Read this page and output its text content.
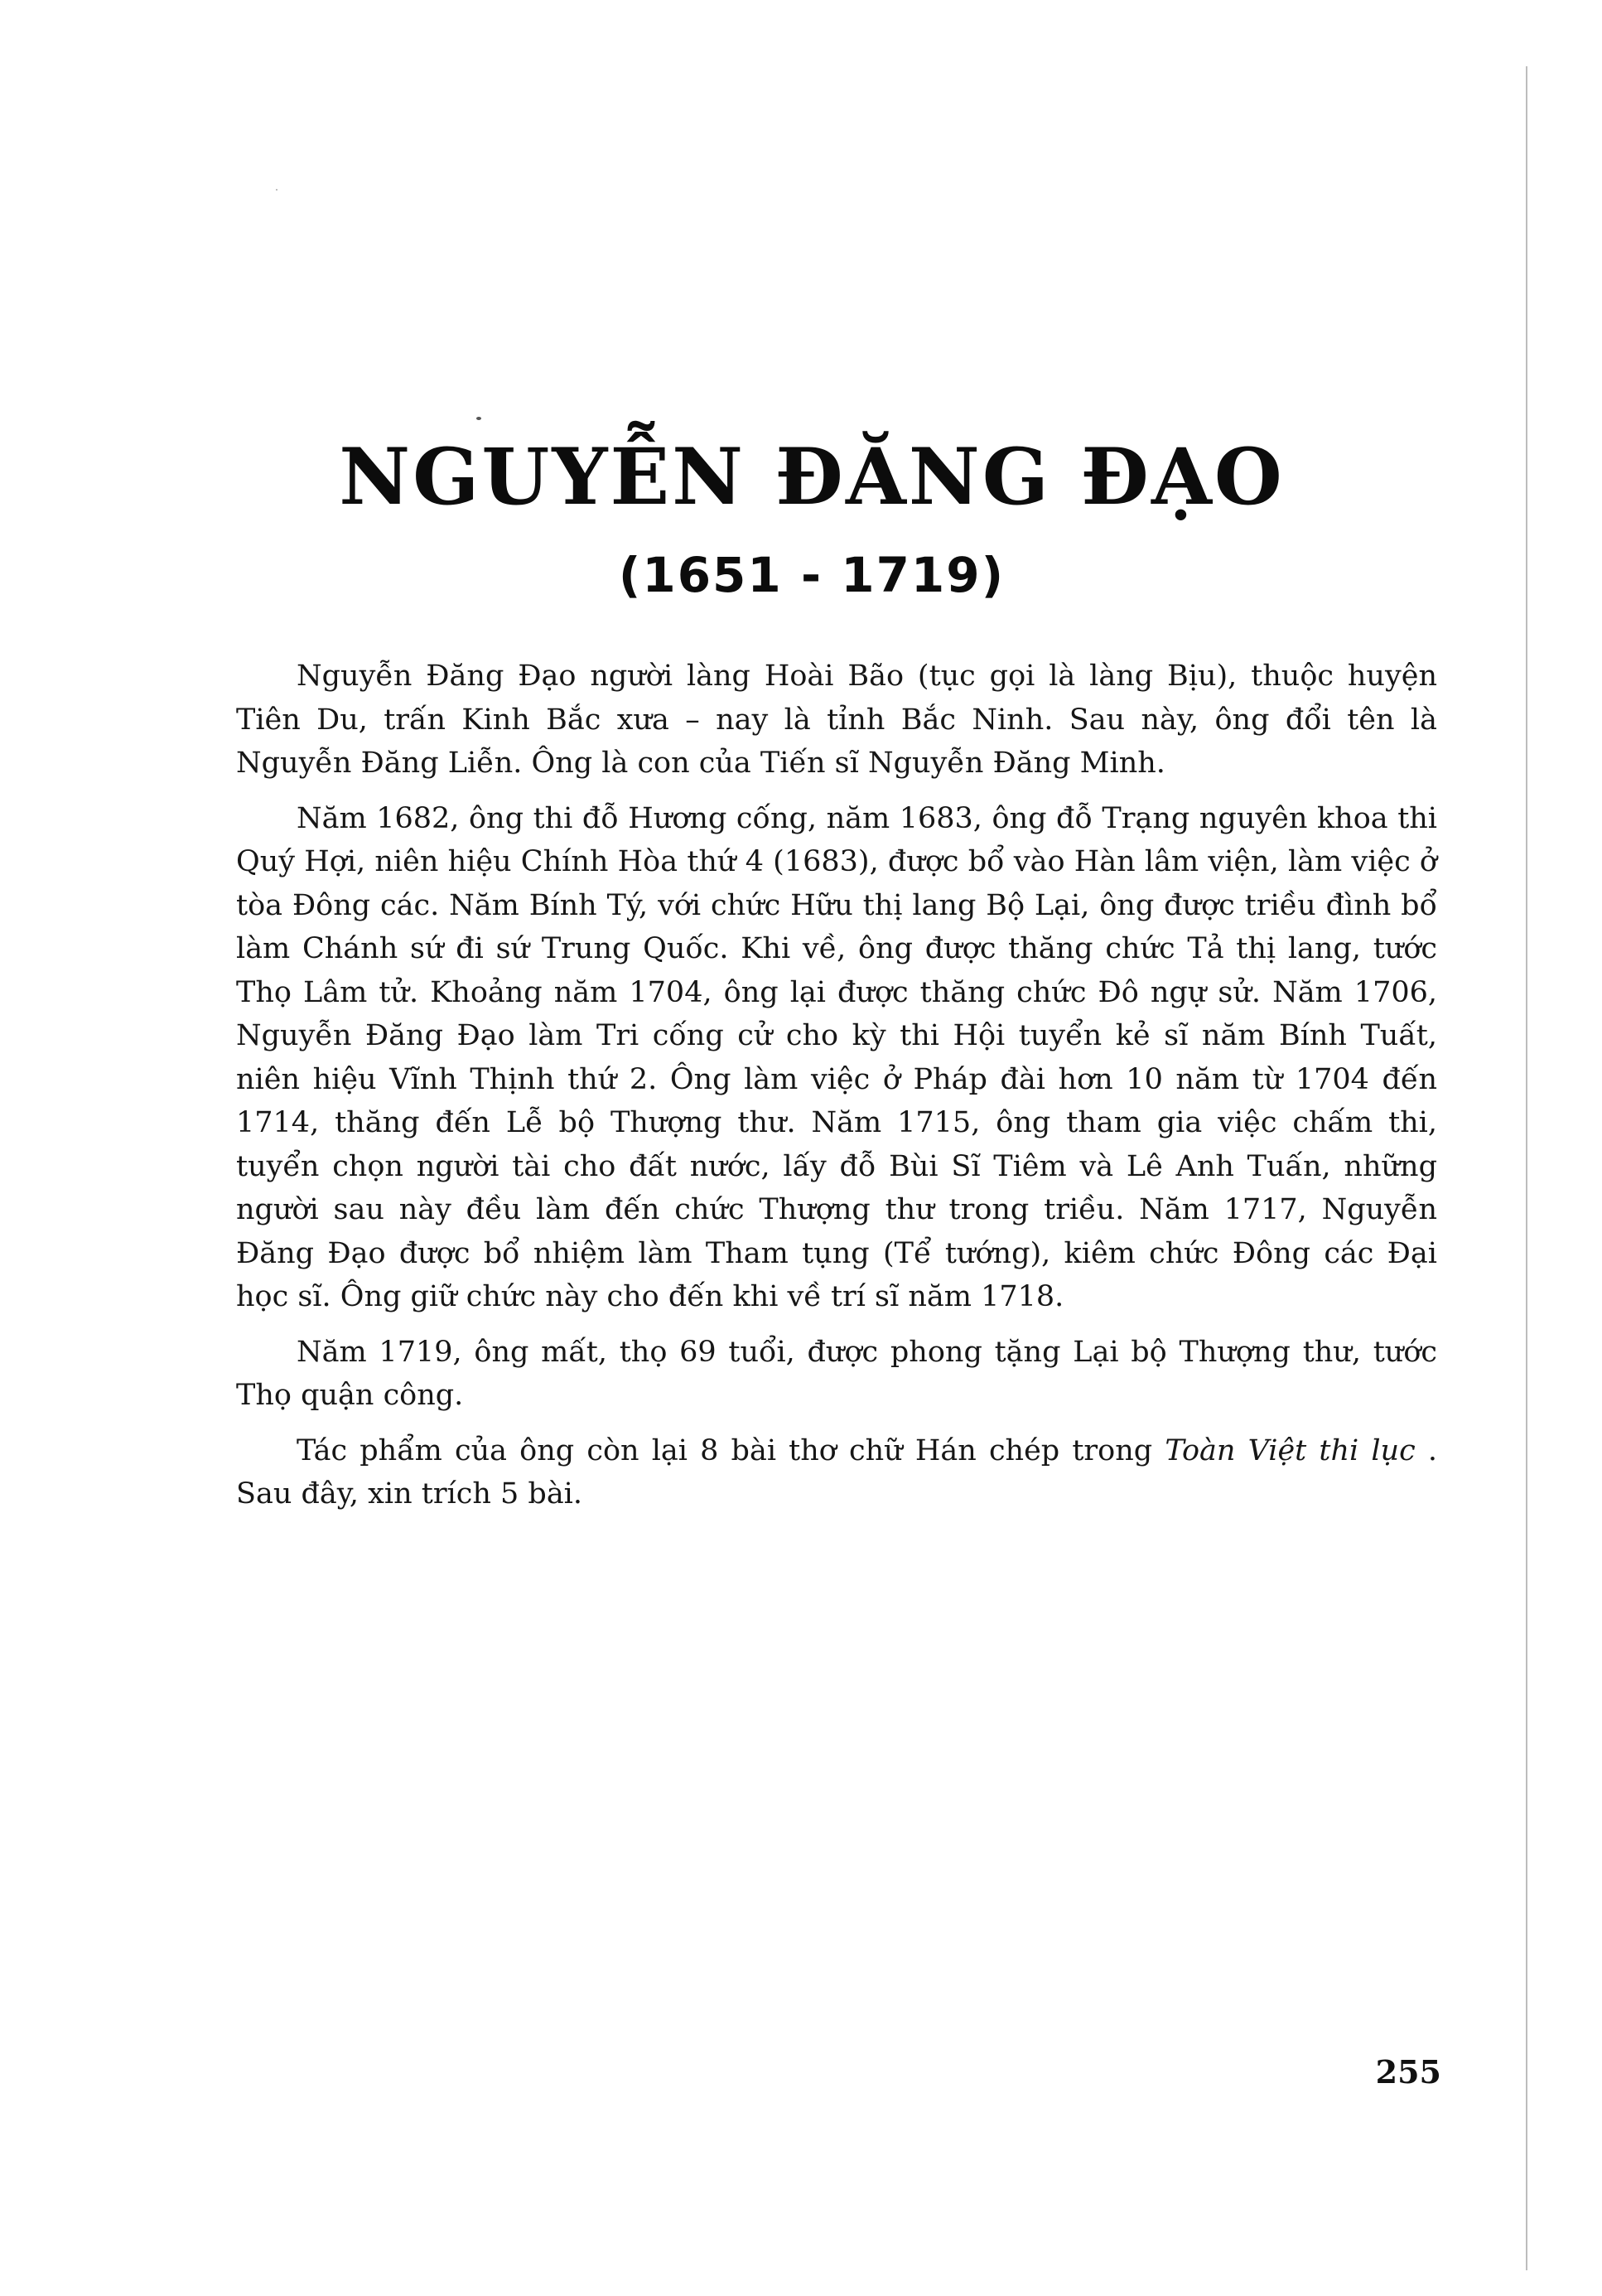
NGUYỄN ĐĂNG ĐẠO
(1651 - 1719)

Nguyễn Đăng Đạo người làng Hoài Bão (tục gọi là làng Bịu), thuộc huyện Tiên Du, trấn Kinh Bắc xưa – nay là tỉnh Bắc Ninh. Sau này, ông đổi tên là Nguyễn Đăng Liễn. Ông là con của Tiến sĩ Nguyễn Đăng Minh.

Năm 1682, ông thi đỗ Hương cống, năm 1683, ông đỗ Trạng nguyên khoa thi Quý Hợi, niên hiệu Chính Hòa thứ 4 (1683), được bổ vào Hàn lâm viện, làm việc ở tòa Đông các. Năm Bính Tý, với chức Hữu thị lang Bộ Lại, ông được triều đình bổ làm Chánh sứ đi sứ Trung Quốc. Khi về, ông được thăng chức Tả thị lang, tước Thọ Lâm tử. Khoảng năm 1704, ông lại được thăng chức Đô ngự sử. Năm 1706, Nguyễn Đăng Đạo làm Tri cống cử cho kỳ thi Hội tuyển kẻ sĩ năm Bính Tuất, niên hiệu Vĩnh Thịnh thứ 2. Ông làm việc ở Pháp đài hơn 10 năm từ 1704 đến 1714, thăng đến Lễ bộ Thượng thư. Năm 1715, ông tham gia việc chấm thi, tuyển chọn người tài cho đất nước, lấy đỗ Bùi Sĩ Tiêm và Lê Anh Tuấn, những người sau này đều làm đến chức Thượng thư trong triều. Năm 1717, Nguyễn Đăng Đạo được bổ nhiệm làm Tham tụng (Tể tướng), kiêm chức Đông các Đại học sĩ. Ông giữ chức này cho đến khi về trí sĩ năm 1718.

Năm 1719, ông mất, thọ 69 tuổi, được phong tặng Lại bộ Thượng thư, tước Thọ quận công.

Tác phẩm của ông còn lại 8 bài thơ chữ Hán chép trong Toàn Việt thi lục . Sau đây, xin trích 5 bài.

255
